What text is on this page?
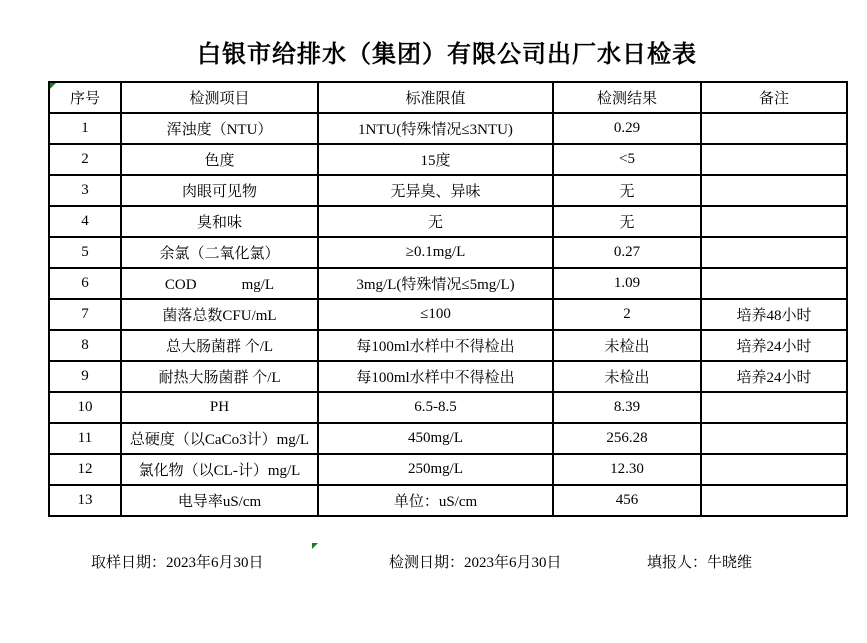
白银市给排水（集团）有限公司出厂水日检表
序号	检测项目	标准限值	检测结果	备注
1	浑浊度（NTU）	1NTU(特殊情况≤3NTU)	0.29	
2	色度	15度	<5	
3	肉眼可见物	无异臭、异味	无	
4	臭和味	无	无	
5	余氯（二氧化氯）	≥0.1mg/L	0.27	
6	COD　　　mg/L	3mg/L(特殊情况≤5mg/L)	1.09	
7	菌落总数CFU/mL	≤100	2	培养48小时
8	总大肠菌群 个/L	每100ml水样中不得检出	未检出	培养24小时
9	耐热大肠菌群 个/L	每100ml水样中不得检出	未检出	培养24小时
10	PH	6.5-8.5	8.39	
11	总硬度（以CaCo3计）mg/L	450mg/L	256.28	
12	氯化物（以CL-计）mg/L	250mg/L	12.30	
13	电导率uS/cm	单位：uS/cm	456	
取样日期：2023年6月30日	检测日期：2023年6月30日	填报人：牛晓维
